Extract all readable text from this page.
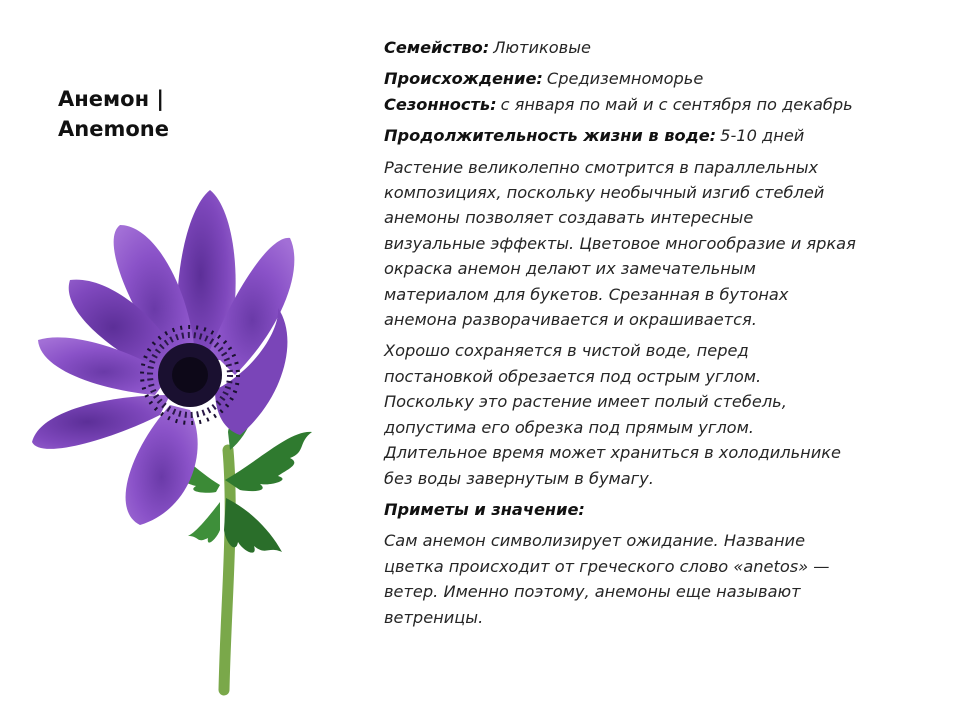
Анемон |
Anemone

Семейство: Лютиковые

Происхождение: Средиземноморье

Сезонность: с января по май и с сентября по декабрь

Продолжительность жизни в воде: 5-10 дней

Растение великолепно смотрится в параллельных
композициях, поскольку необычный изгиб стеблей
анемоны позволяет создавать интересные
визуальные эффекты. Цветовое многообразие и яркая
окраска анемон делают их замечательным
материалом для букетов. Срезанная в бутонах
анемона разворачивается и окрашивается.

Хорошо сохраняется в чистой воде, перед
постановкой обрезается под острым углом.
Поскольку это растение имеет полый стебель,
допустима его обрезка под прямым углом.
Длительное время может храниться в холодильнике
без воды завернутым в бумагу.

Приметы и значение:

Сам анемон символизирует ожидание. Название
цветка происходит от греческого слово «anetos» —
ветер. Именно поэтому, анемоны еще называют
ветреницы.
